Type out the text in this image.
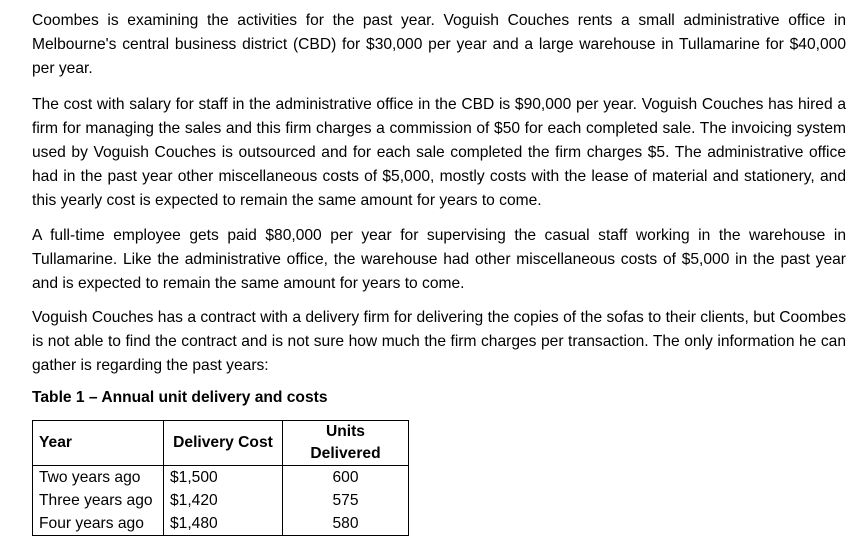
Coombes is examining the activities for the past year. Voguish Couches rents a small administrative office in Melbourne's central business district (CBD) for $30,000 per year and a large warehouse in Tullamarine for $40,000 per year.

The cost with salary for staff in the administrative office in the CBD is $90,000 per year. Voguish Couches has hired a firm for managing the sales and this firm charges a commission of $50 for each completed sale. The invoicing system used by Voguish Couches is outsourced and for each sale completed the firm charges $5. The administrative office had in the past year other miscellaneous costs of $5,000, mostly costs with the lease of material and stationery, and this yearly cost is expected to remain the same amount for years to come.

A full-time employee gets paid $80,000 per year for supervising the casual staff working in the warehouse in Tullamarine. Like the administrative office, the warehouse had other miscellaneous costs of $5,000 in the past year and is expected to remain the same amount for years to come.

Voguish Couches has a contract with a delivery firm for delivering the copies of the sofas to their clients, but Coombes is not able to find the contract and is not sure how much the firm charges per transaction. The only information he can gather is regarding the past years:

Table 1 – Annual unit delivery and costs

Year	Delivery Cost	Units Delivered
Two years ago	$1,500	600
Three years ago	$1,420	575
Four years ago	$1,480	580
